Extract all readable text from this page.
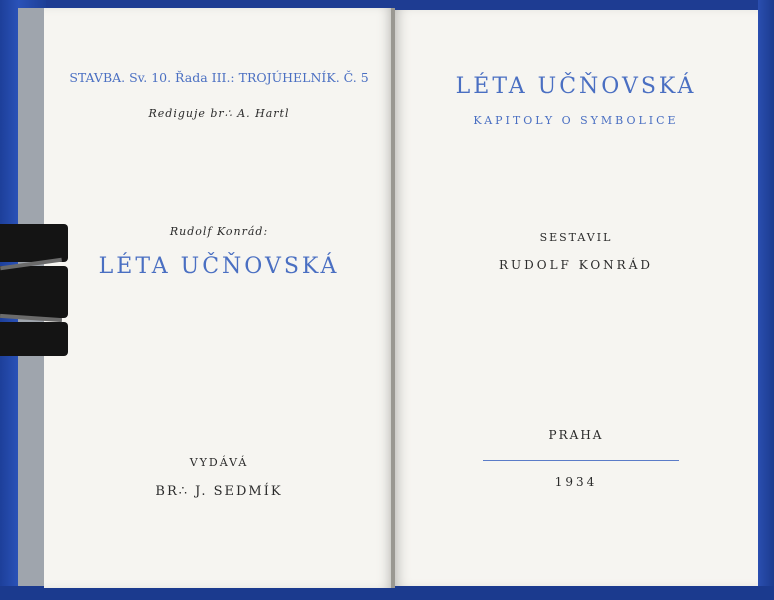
STAVBA. Sv. 10. Řada III.: TROJÚHELNÍK. Č. 5
Rediguje br∴ A. Hartl
Rudolf Konrád:
LÉTA UČŇOVSKÁ
VYDÁVÁ
BR∴ J. SEDMÍK
LÉTA UČŇOVSKÁ
KAPITOLY O SYMBOLICE
SESTAVIL
RUDOLF KONRÁD
PRAHA
1934
